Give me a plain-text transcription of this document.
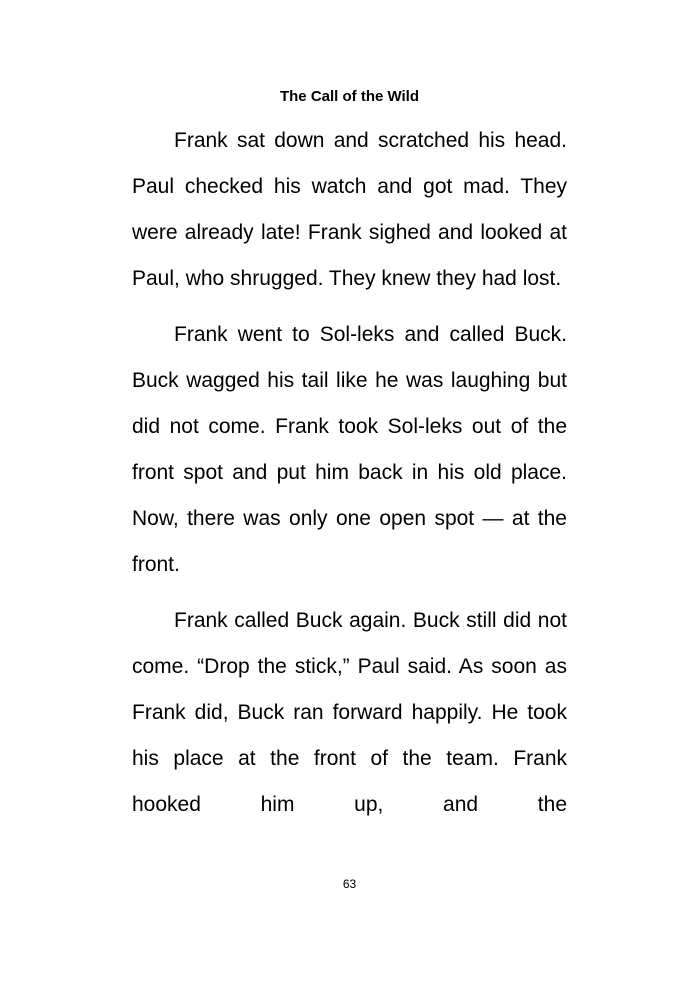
The Call of the Wild

Frank sat down and scratched his head. Paul checked his watch and got mad. They were already late! Frank sighed and looked at Paul, who shrugged. They knew they had lost.

Frank went to Sol-leks and called Buck. Buck wagged his tail like he was laughing but did not come. Frank took Sol-leks out of the front spot and put him back in his old place. Now, there was only one open spot — at the front.

Frank called Buck again. Buck still did not come. “Drop the stick,” Paul said. As soon as Frank did, Buck ran forward happily. He took his place at the front of the team. Frank hooked him up, and the

63
